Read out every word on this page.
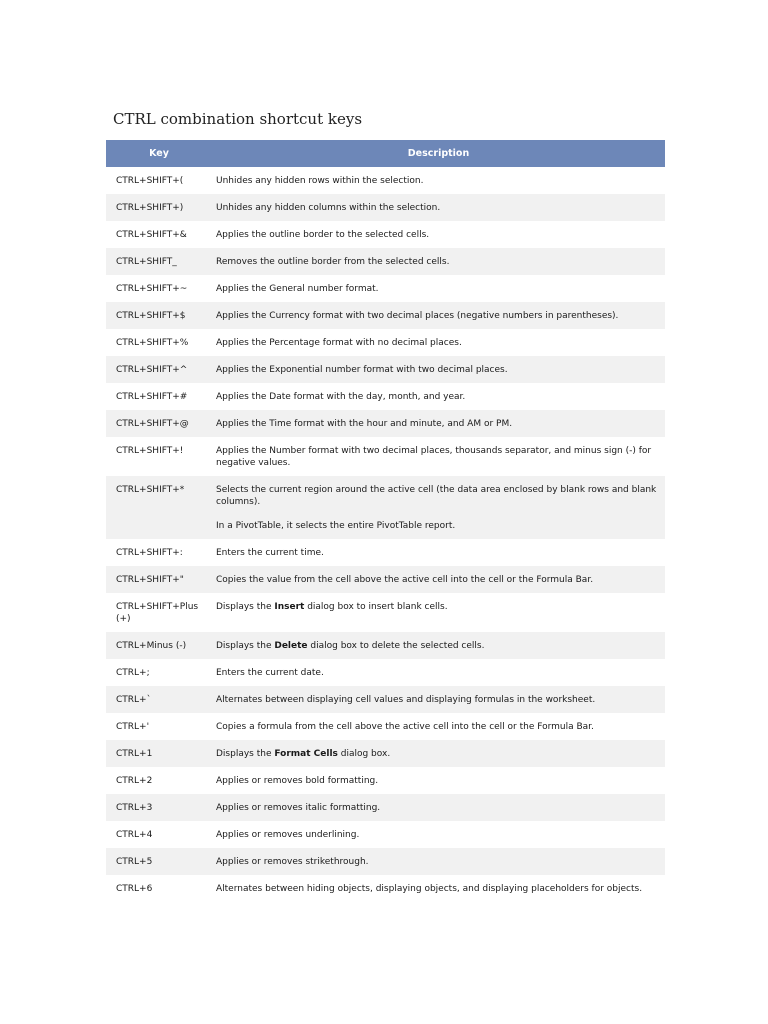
CTRL combination shortcut keys
Key	Description
CTRL+SHIFT+(	Unhides any hidden rows within the selection.
CTRL+SHIFT+)	Unhides any hidden columns within the selection.
CTRL+SHIFT+&	Applies the outline border to the selected cells.
CTRL+SHIFT_	Removes the outline border from the selected cells.
CTRL+SHIFT+~	Applies the General number format.
CTRL+SHIFT+$	Applies the Currency format with two decimal places (negative numbers in parentheses).
CTRL+SHIFT+%	Applies the Percentage format with no decimal places.
CTRL+SHIFT+^	Applies the Exponential number format with two decimal places.
CTRL+SHIFT+#	Applies the Date format with the day, month, and year.
CTRL+SHIFT+@	Applies the Time format with the hour and minute, and AM or PM.
CTRL+SHIFT+!	Applies the Number format with two decimal places, thousands separator, and minus sign (-) for negative values.
CTRL+SHIFT+*	Selects the current region around the active cell (the data area enclosed by blank rows and blank columns).
In a PivotTable, it selects the entire PivotTable report.

CTRL+SHIFT+:	Enters the current time.
CTRL+SHIFT+"	Copies the value from the cell above the active cell into the cell or the Formula Bar.
CTRL+SHIFT+Plus (+)	Displays the Insert dialog box to insert blank cells.
CTRL+Minus (-)	Displays the Delete dialog box to delete the selected cells.
CTRL+;	Enters the current date.
CTRL+`	Alternates between displaying cell values and displaying formulas in the worksheet.
CTRL+'	Copies a formula from the cell above the active cell into the cell or the Formula Bar.
CTRL+1	Displays the Format Cells dialog box.
CTRL+2	Applies or removes bold formatting.
CTRL+3	Applies or removes italic formatting.
CTRL+4	Applies or removes underlining.
CTRL+5	Applies or removes strikethrough.
CTRL+6	Alternates between hiding objects, displaying objects, and displaying placeholders for objects.
